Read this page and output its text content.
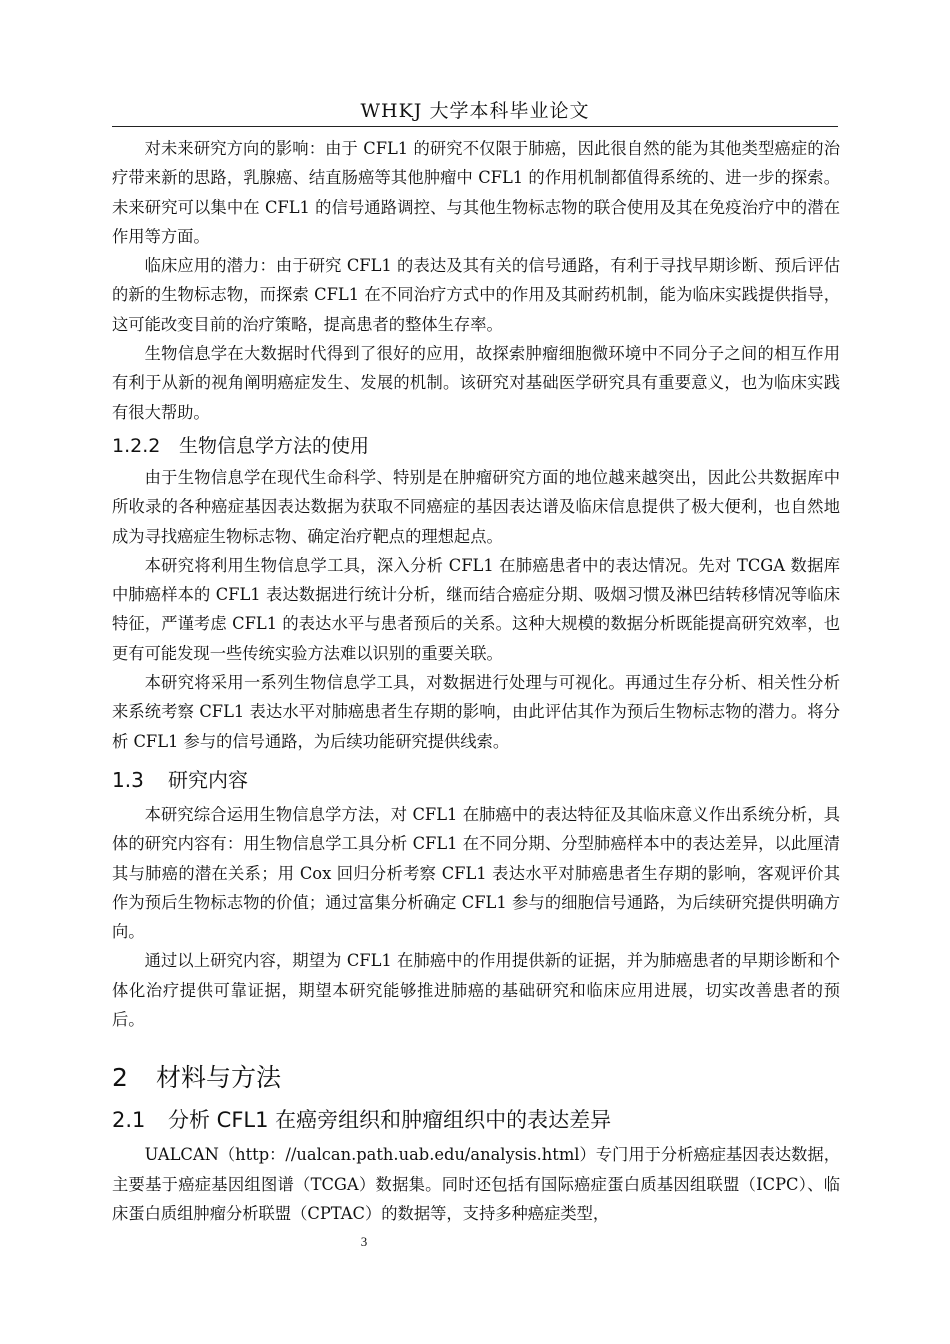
WHKJ 大学本科毕业论文

对未来研究方向的影响：由于 CFL1 的研究不仅限于肺癌，因此很自然的能为其他类型癌症的治疗带来新的思路，乳腺癌、结直肠癌等其他肿瘤中 CFL1 的作用机制都值得系统的、进一步的探索。未来研究可以集中在 CFL1 的信号通路调控、与其他生物标志物的联合使用及其在免疫治疗中的潜在作用等方面。

临床应用的潜力：由于研究 CFL1 的表达及其有关的信号通路，有利于寻找早期诊断、预后评估的新的生物标志物，而探索 CFL1 在不同治疗方式中的作用及其耐药机制，能为临床实践提供指导，这可能改变目前的治疗策略，提高患者的整体生存率。

生物信息学在大数据时代得到了很好的应用，故探索肿瘤细胞微环境中不同分子之间的相互作用有利于从新的视角阐明癌症发生、发展的机制。该研究对基础医学研究具有重要意义，也为临床实践有很大帮助。

1.2.2 生物信息学方法的使用

由于生物信息学在现代生命科学、特别是在肿瘤研究方面的地位越来越突出，因此公共数据库中所收录的各种癌症基因表达数据为获取不同癌症的基因表达谱及临床信息提供了极大便利，也自然地成为寻找癌症生物标志物、确定治疗靶点的理想起点。

本研究将利用生物信息学工具，深入分析 CFL1 在肺癌患者中的表达情况。先对 TCGA 数据库中肺癌样本的 CFL1 表达数据进行统计分析，继而结合癌症分期、吸烟习惯及淋巴结转移情况等临床特征，严谨考虑 CFL1 的表达水平与患者预后的关系。这种大规模的数据分析既能提高研究效率，也更有可能发现一些传统实验方法难以识别的重要关联。

本研究将采用一系列生物信息学工具，对数据进行处理与可视化。再通过生存分析、相关性分析来系统考察 CFL1 表达水平对肺癌患者生存期的影响，由此评估其作为预后生物标志物的潜力。将分析 CFL1 参与的信号通路，为后续功能研究提供线索。

1.3 研究内容

本研究综合运用生物信息学方法，对 CFL1 在肺癌中的表达特征及其临床意义作出系统分析，具体的研究内容有：用生物信息学工具分析 CFL1 在不同分期、分型肺癌样本中的表达差异，以此厘清其与肺癌的潜在关系；用 Cox 回归分析考察 CFL1 表达水平对肺癌患者生存期的影响，客观评价其作为预后生物标志物的价值；通过富集分析确定 CFL1 参与的细胞信号通路，为后续研究提供明确方向。

通过以上研究内容，期望为 CFL1 在肺癌中的作用提供新的证据，并为肺癌患者的早期诊断和个体化治疗提供可靠证据，期望本研究能够推进肺癌的基础研究和临床应用进展，切实改善患者的预后。

2 材料与方法
2.1 分析 CFL1 在癌旁组织和肿瘤组织中的表达差异

UALCAN（http：//ualcan.path.uab.edu/analysis.html）专门用于分析癌症基因表达数据，主要基于癌症基因组图谱（TCGA）数据集。同时还包括有国际癌症蛋白质基因组联盟（ICPC）、临床蛋白质组肿瘤分析联盟（CPTAC）的数据等，支持多种癌症类型，

3
